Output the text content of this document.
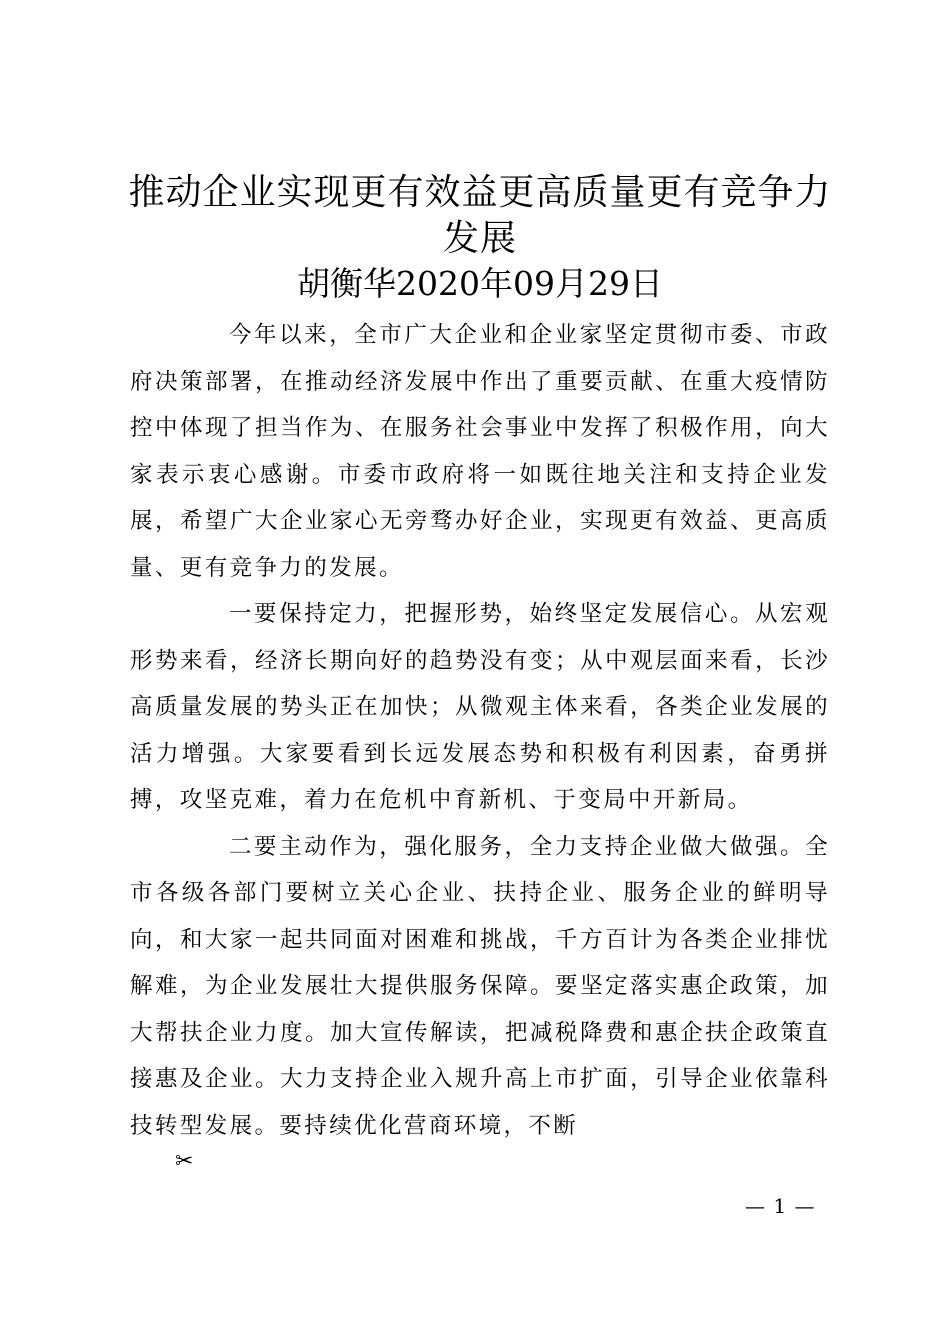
推动企业实现更有效益更高质量更有竞争力发展
胡衡华2020年09月29日

今年以来，全市广大企业和企业家坚定贯彻市委、市政府决策部署，在推动经济发展中作出了重要贡献、在重大疫情防控中体现了担当作为、在服务社会事业中发挥了积极作用，向大家表示衷心感谢。市委市政府将一如既往地关注和支持企业发展，希望广大企业家心无旁骛办好企业，实现更有效益、更高质量、更有竞争力的发展。

一要保持定力，把握形势，始终坚定发展信心。从宏观形势来看，经济长期向好的趋势没有变；从中观层面来看，长沙高质量发展的势头正在加快；从微观主体来看，各类企业发展的活力增强。大家要看到长远发展态势和积极有利因素，奋勇拼搏，攻坚克难，着力在危机中育新机、于变局中开新局。

二要主动作为，强化服务，全力支持企业做大做强。全市各级各部门要树立关心企业、扶持企业、服务企业的鲜明导向，和大家一起共同面对困难和挑战，千方百计为各类企业排忧解难，为企业发展壮大提供服务保障。要坚定落实惠企政策，加大帮扶企业力度。加大宣传解读，把减税降费和惠企扶企政策直接惠及企业。大力支持企业入规升高上市扩面，引导企业依靠科技转型发展。要持续优化营商环境，不断

✂
— 1 —
